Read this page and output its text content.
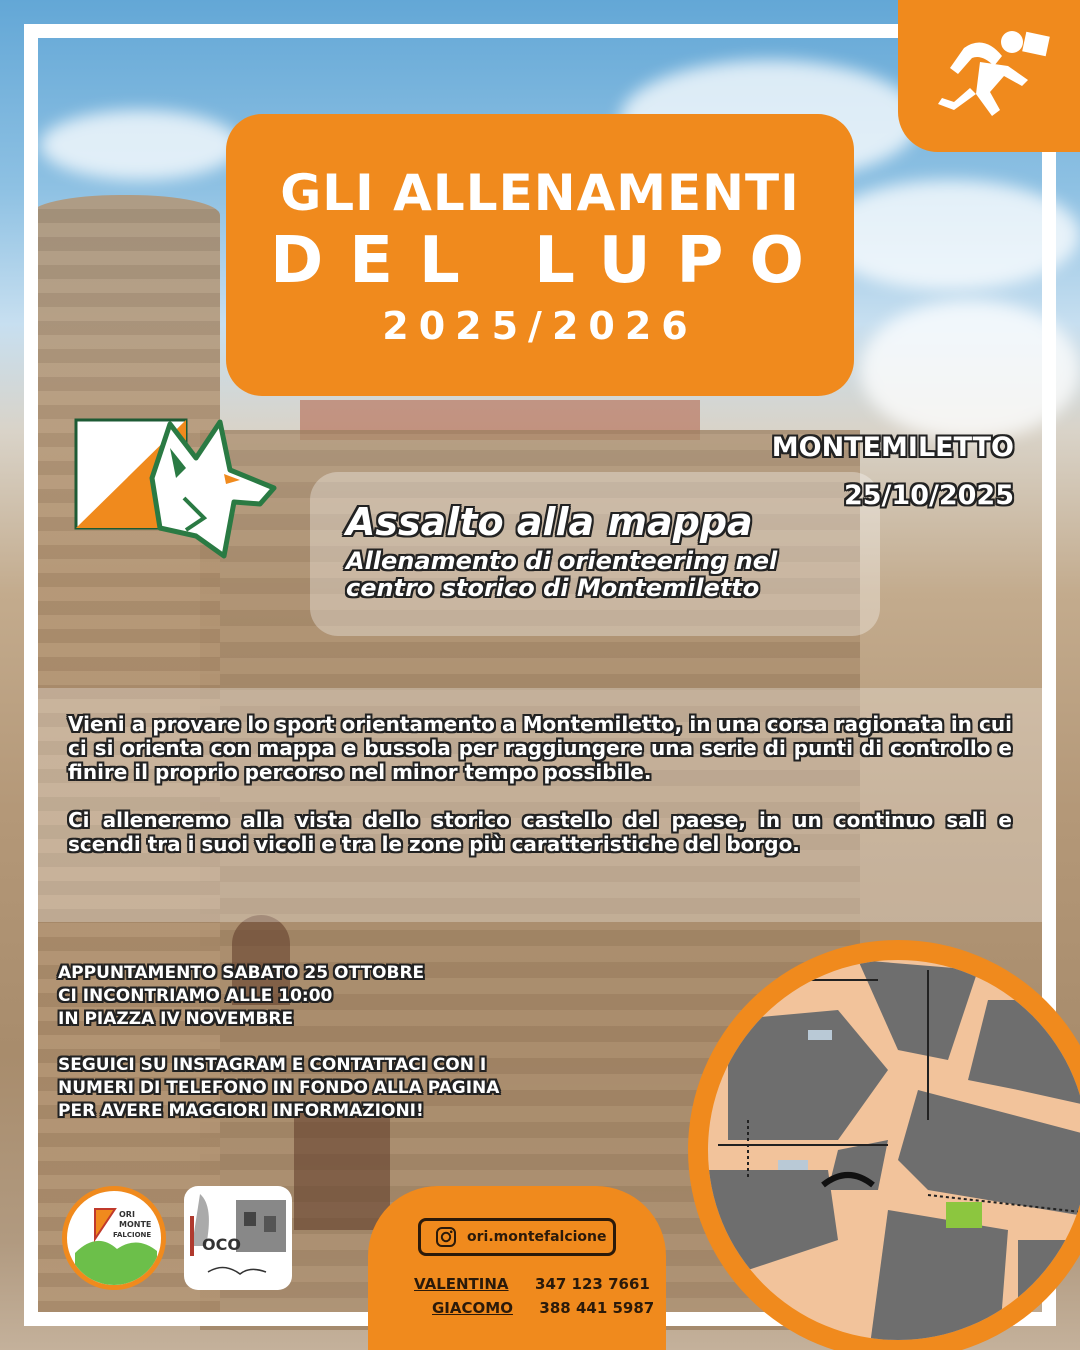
GLI ALLENAMENTI
DEL LUPO
2025/2026
MONTEMILETTO
25/10/2025
Assalto alla mappa
Allenamento di orienteering nel centro storico di Montemiletto

Vieni a provare lo sport orientamento a Montemiletto, in una corsa ragionata in cui ci si orienta con mappa e bussola per raggiungere una serie di punti di controllo e finire il proprio percorso nel minor tempo possibile.

Ci alleneremo alla vista dello storico castello del paese, in un continuo sali e scendi tra i suoi vicoli e tra le zone più caratteristiche del borgo.

APPUNTAMENTO SABATO 25 OTTOBRE
CI INCONTRIAMO ALLE 10:00
IN PIAZZA IV NOVEMBRE
SEGUICI SU INSTAGRAM E CONTATTACI CON I
NUMERI DI TELEFONO IN FONDO ALLA PAGINA
PER AVERE MAGGIORI INFORMAZIONI!
ORI
MONTE
FALCIONE	OCO	ori.montefalcione
VALENTINA 347 123 7661
GIACOMO 388 441 5987
